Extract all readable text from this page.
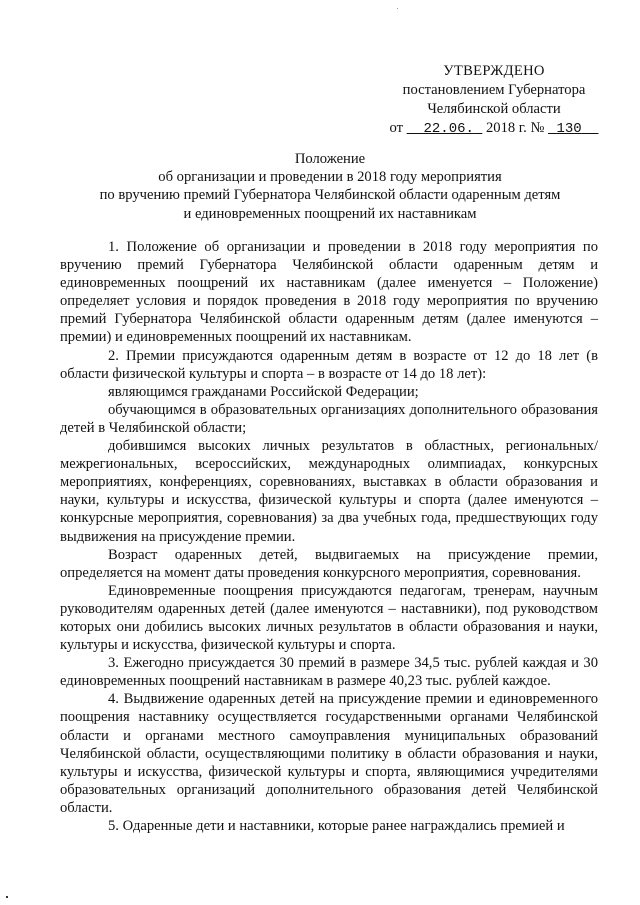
УТВЕРЖДЕНО
постановлением Губернатора
Челябинской области
от 22.06. 2018 г. № 130
Положение
об организации и проведении в 2018 году мероприятия
по вручению премий Губернатора Челябинской области одаренным детям
и единовременных поощрений их наставникам

1. Положение об организации и проведении в 2018 году мероприятия по вручению премий Губернатора Челябинской области одаренным детям и единовременных поощрений их наставникам (далее именуется – Положение) определяет условия и порядок проведения в 2018 году мероприятия по вручению премий Губернатора Челябинской области одаренным детям (далее именуются – премии) и единовременных поощрений их наставникам.

2. Премии присуждаются одаренным детям в возрасте от 12 до 18 лет (в области физической культуры и спорта – в возрасте от 14 до 18 лет):

являющимся гражданами Российской Федерации;

обучающимся в образовательных организациях дополнительного образования детей в Челябинской области;

добившимся высоких личных результатов в областных, региональных/межрегиональных, всероссийских, международных олимпиадах, конкурсных мероприятиях, конференциях, соревнованиях, выставках в области образования и науки, культуры и искусства, физической культуры и спорта (далее именуются – конкурсные мероприятия, соревнования) за два учебных года, предшествующих году выдвижения на присуждение премии.

Возраст одаренных детей, выдвигаемых на присуждение премии, определяется на момент даты проведения конкурсного мероприятия, соревнования.

Единовременные поощрения присуждаются педагогам, тренерам, научным руководителям одаренных детей (далее именуются – наставники), под руководством которых они добились высоких личных результатов в области образования и науки, культуры и искусства, физической культуры и спорта.

3. Ежегодно присуждается 30 премий в размере 34,5 тыс. рублей каждая и 30 единовременных поощрений наставникам в размере 40,23 тыс. рублей каждое.

4. Выдвижение одаренных детей на присуждение премии и единовременного поощрения наставнику осуществляется государственными органами Челябинской области и органами местного самоуправления муниципальных образований Челябинской области, осуществляющими политику в области образования и науки, культуры и искусства, физической культуры и спорта, являющимися учредителями образовательных организаций дополнительного образования детей Челябинской области.

5. Одаренные дети и наставники, которые ранее награждались премией и
